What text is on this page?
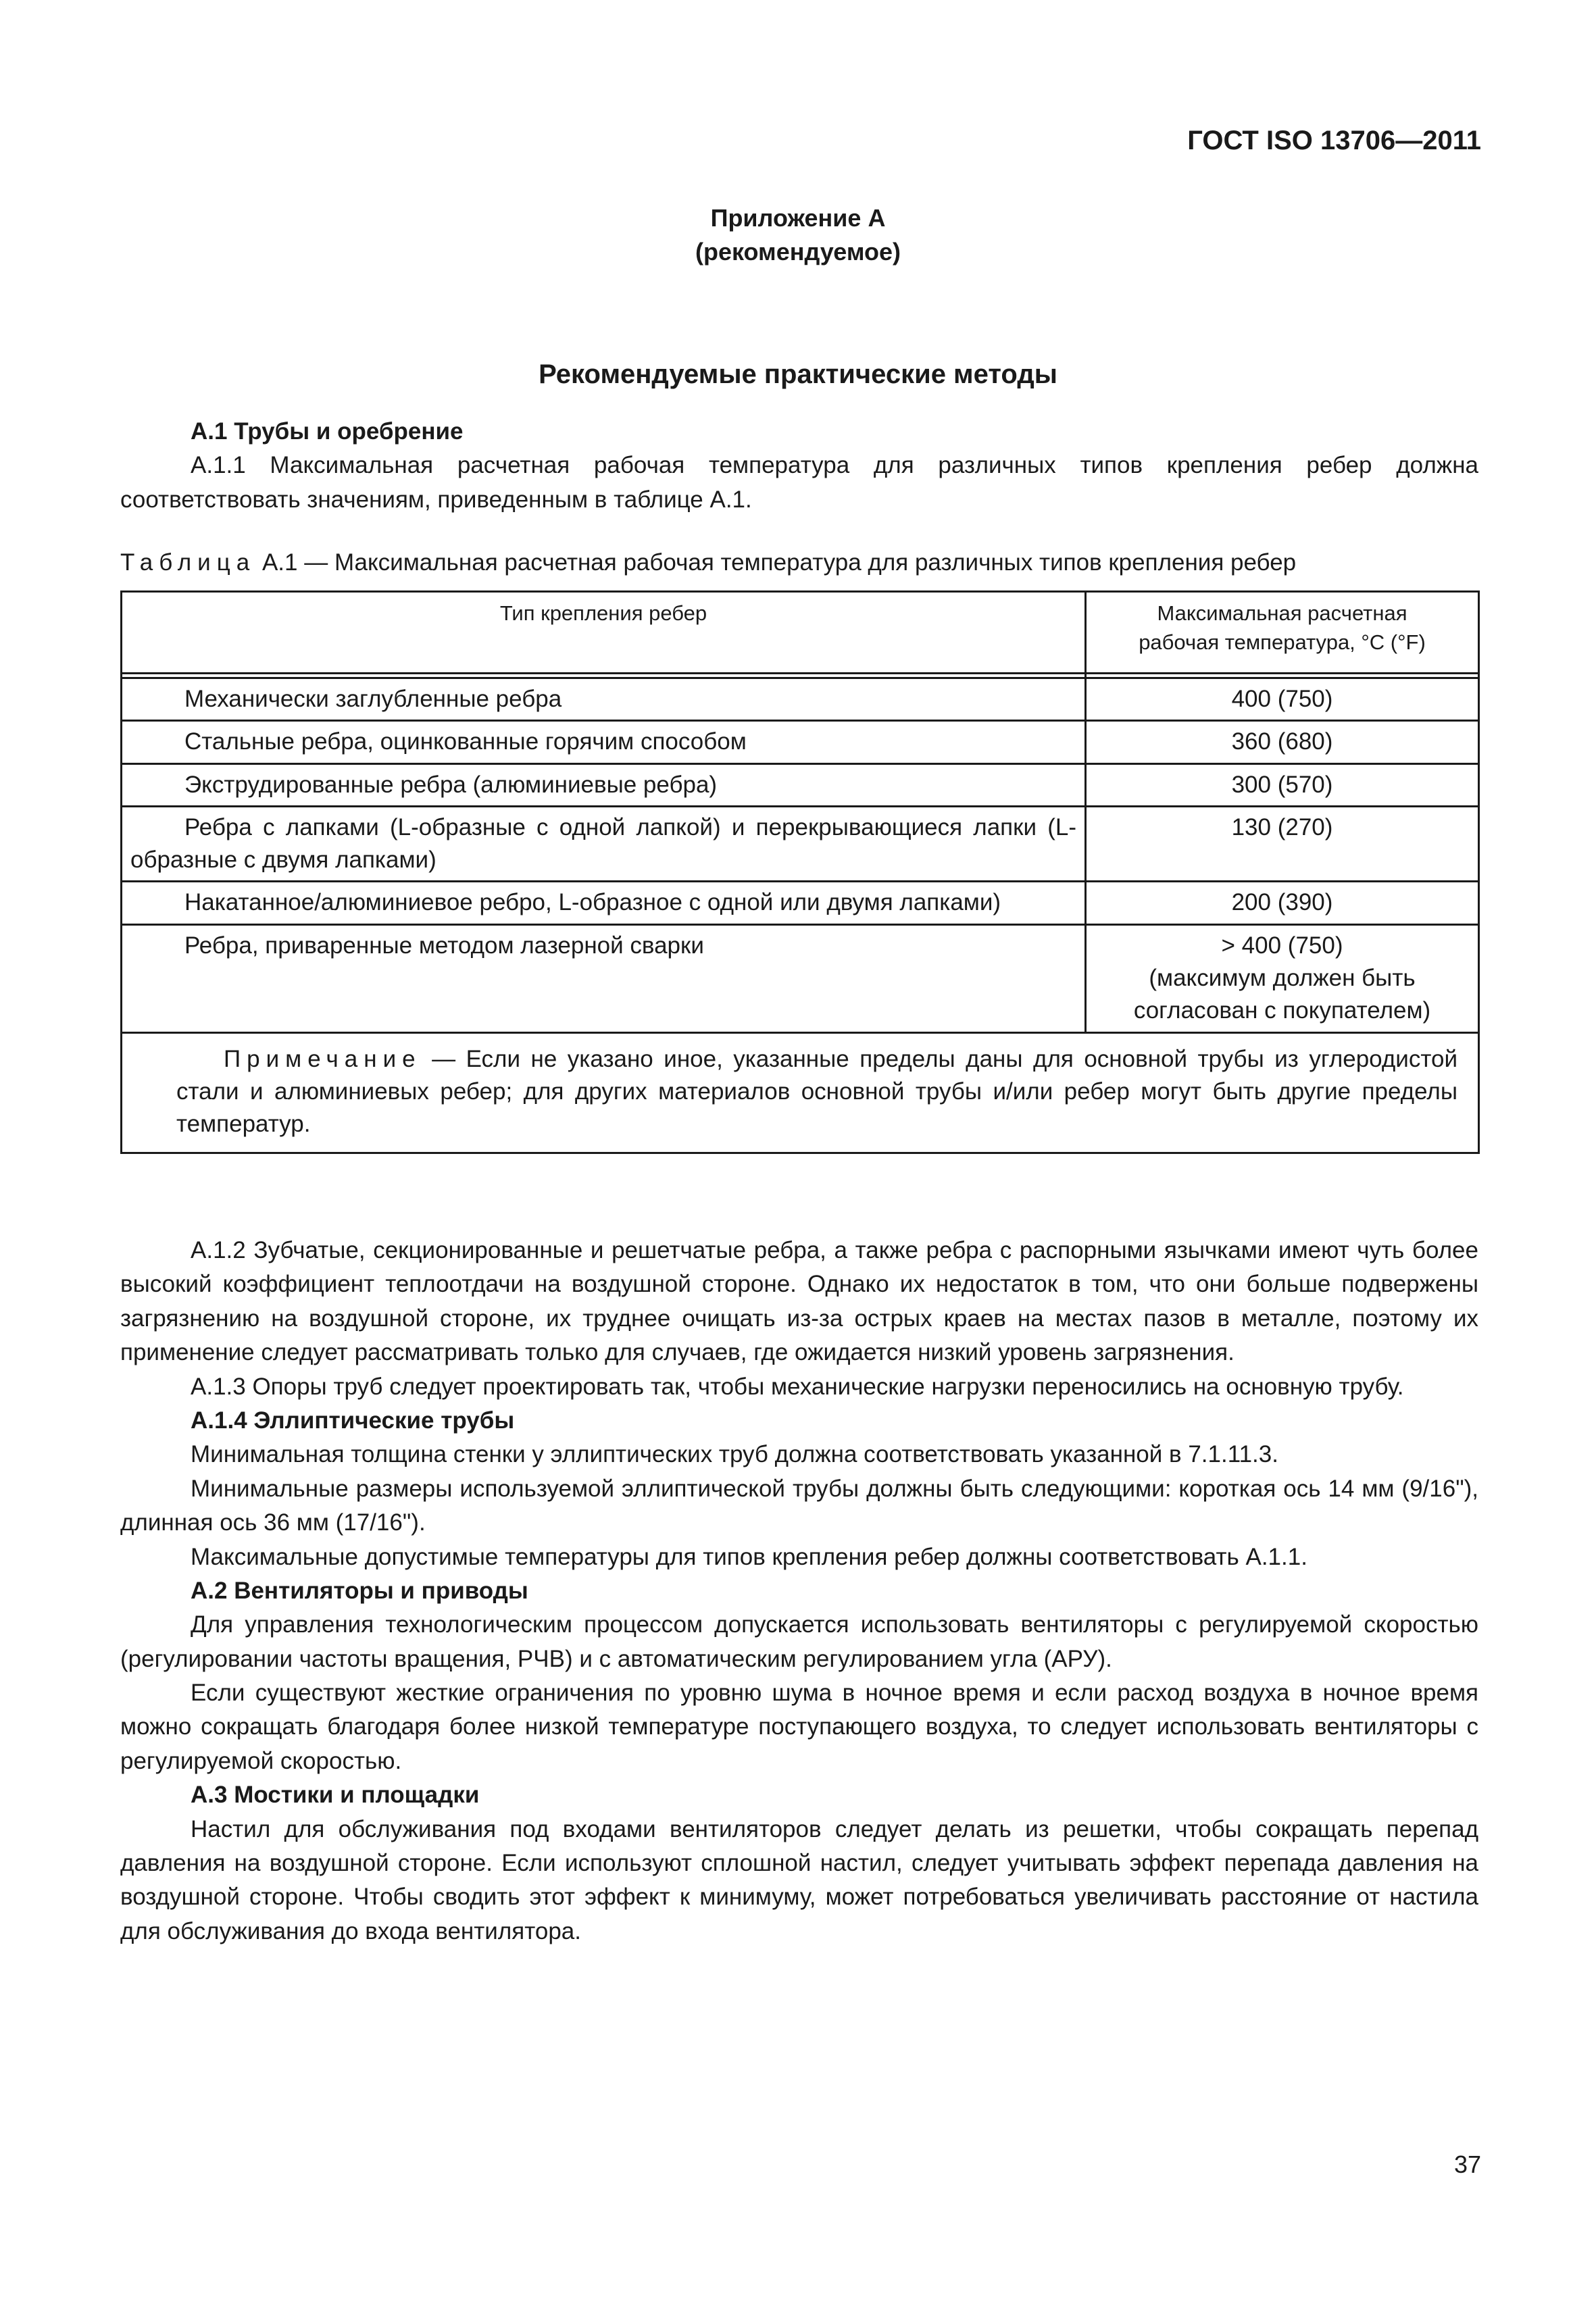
ГОСТ ISO 13706—2011
Приложение А
(рекомендуемое)
Рекомендуемые практические методы
А.1 Трубы и оребрение

А.1.1 Максимальная расчетная рабочая температура для различных типов крепления ребер должна соответствовать значениям, приведенным в таблице А.1.

Таблица А.1 — Максимальная расчетная рабочая температура для различных типов крепления ребер
Тип крепления ребер	Максимальная расчетная
рабочая температура, °С (°F)

Механически заглубленные ребра	400 (750)
Стальные ребра, оцинкованные горячим способом	360 (680)
Экструдированные ребра (алюминиевые ребра)	300 (570)
Ребра с лапками (L-образные с одной лапкой) и перекрывающиеся лапки (L-образные с двумя лапками)	130 (270)
Накатанное/алюминиевое ребро, L-образное с одной или двумя лапками)	200 (390)
Ребра, приваренные методом лазерной сварки	> 400 (750)
(максимум должен быть
согласован с покупателем)

Примечание — Если не указано иное, указанные пределы даны для основной трубы из углеродистой стали и алюминиевых ребер; для других материалов основной трубы и/или ребер могут быть другие пределы температур.	

А.1.2 Зубчатые, секционированные и решетчатые ребра, а также ребра с распорными язычками имеют чуть более высокий коэффициент теплоотдачи на воздушной стороне. Однако их недостаток в том, что они больше подвержены загрязнению на воздушной стороне, их труднее очищать из-за острых краев на местах пазов в металле, поэтому их применение следует рассматривать только для случаев, где ожидается низкий уровень загрязнения.

А.1.3 Опоры труб следует проектировать так, чтобы механические нагрузки переносились на основную трубу.

А.1.4 Эллиптические трубы

Минимальная толщина стенки у эллиптических труб должна соответствовать указанной в 7.1.11.3.

Минимальные размеры используемой эллиптической трубы должны быть следующими: короткая ось 14 мм (9/16"), длинная ось 36 мм (17/16").

Максимальные допустимые температуры для типов крепления ребер должны соответствовать А.1.1.

А.2 Вентиляторы и приводы

Для управления технологическим процессом допускается использовать вентиляторы с регулируемой скоростью (регулировании частоты вращения, РЧВ) и с автоматическим регулированием угла (АРУ).

Если существуют жесткие ограничения по уровню шума в ночное время и если расход воздуха в ночное время можно сокращать благодаря более низкой температуре поступающего воздуха, то следует использовать вентиляторы с регулируемой скоростью.

А.3 Мостики и площадки

Настил для обслуживания под входами вентиляторов следует делать из решетки, чтобы сокращать перепад давления на воздушной стороне. Если используют сплошной настил, следует учитывать эффект перепада давления на воздушной стороне. Чтобы сводить этот эффект к минимуму, может потребоваться увеличивать расстояние от настила для обслуживания до входа вентилятора.

37
